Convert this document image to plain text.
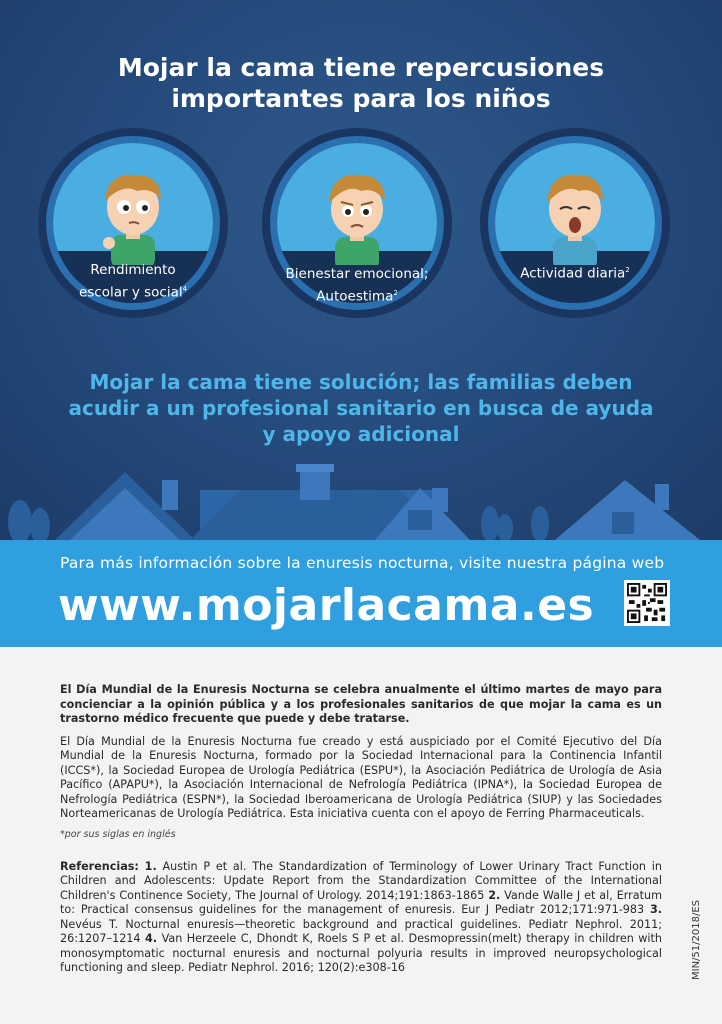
Mojar la cama tiene repercusiones
importantes para los niños
Rendimiento
escolar y social$^4$
Bienestar emocional;
Autoestima$^2$
Actividad diaria$^2$
Mojar la cama tiene solución; las familias deben
acudir a un profesional sanitario en busca de ayuda
y apoyo adicional
Para más información sobre la enuresis nocturna, visite nuestra página web
www.mojarlacama.es

El Día Mundial de la Enuresis Nocturna se celebra anualmente el último martes de mayo para concienciar a la opinión pública y a los profesionales sanitarios de que mojar la cama es un trastorno médico frecuente que puede y debe tratarse.

El Día Mundial de la Enuresis Nocturna fue creado y está auspiciado por el Comité Ejecutivo del Día Mundial de la Enuresis Nocturna, formado por la Sociedad Internacional para la Continencia Infantil (ICCS*), la Sociedad Europea de Urología Pediátrica (ESPU*), la Asociación Pediátrica de Urología de Asia Pacífico (APAPU*), la Asociación Internacional de Nefrología Pediátrica (IPNA*), la Sociedad Europea de Nefrología Pediátrica (ESPN*), la Sociedad Iberoamericana de Urología Pediátrica (SIUP) y las Sociedades Norteamericanas de Urología Pediátrica. Esta iniciativa cuenta con el apoyo de Ferring Pharmaceuticals.

*por sus siglas en inglés

Referencias: 1. Austin P et al. The Standardization of Terminology of Lower Urinary Tract Function in Children and Adolescents: Update Report from the Standardization Committee of the International Children's Continence Society, The Journal of Urology. 2014;191:1863-1865 2. Vande Walle J et al, Erratum to: Practical consensus guidelines for the management of enuresis. Eur J Pediatr 2012;171:971-983 3. Nevéus T. Nocturnal enuresis—theoretic background and practical guidelines. Pediatr Nephrol. 2011; 26:1207–1214 4. Van Herzeele C, Dhondt K, Roels S P et al. Desmopressin(melt) therapy in children with monosymptomatic nocturnal enuresis and nocturnal polyuria results in improved neuropsychological functioning and sleep. Pediatr Nephrol. 2016; 120(2):e308-16	MIN/51/2018/ES
